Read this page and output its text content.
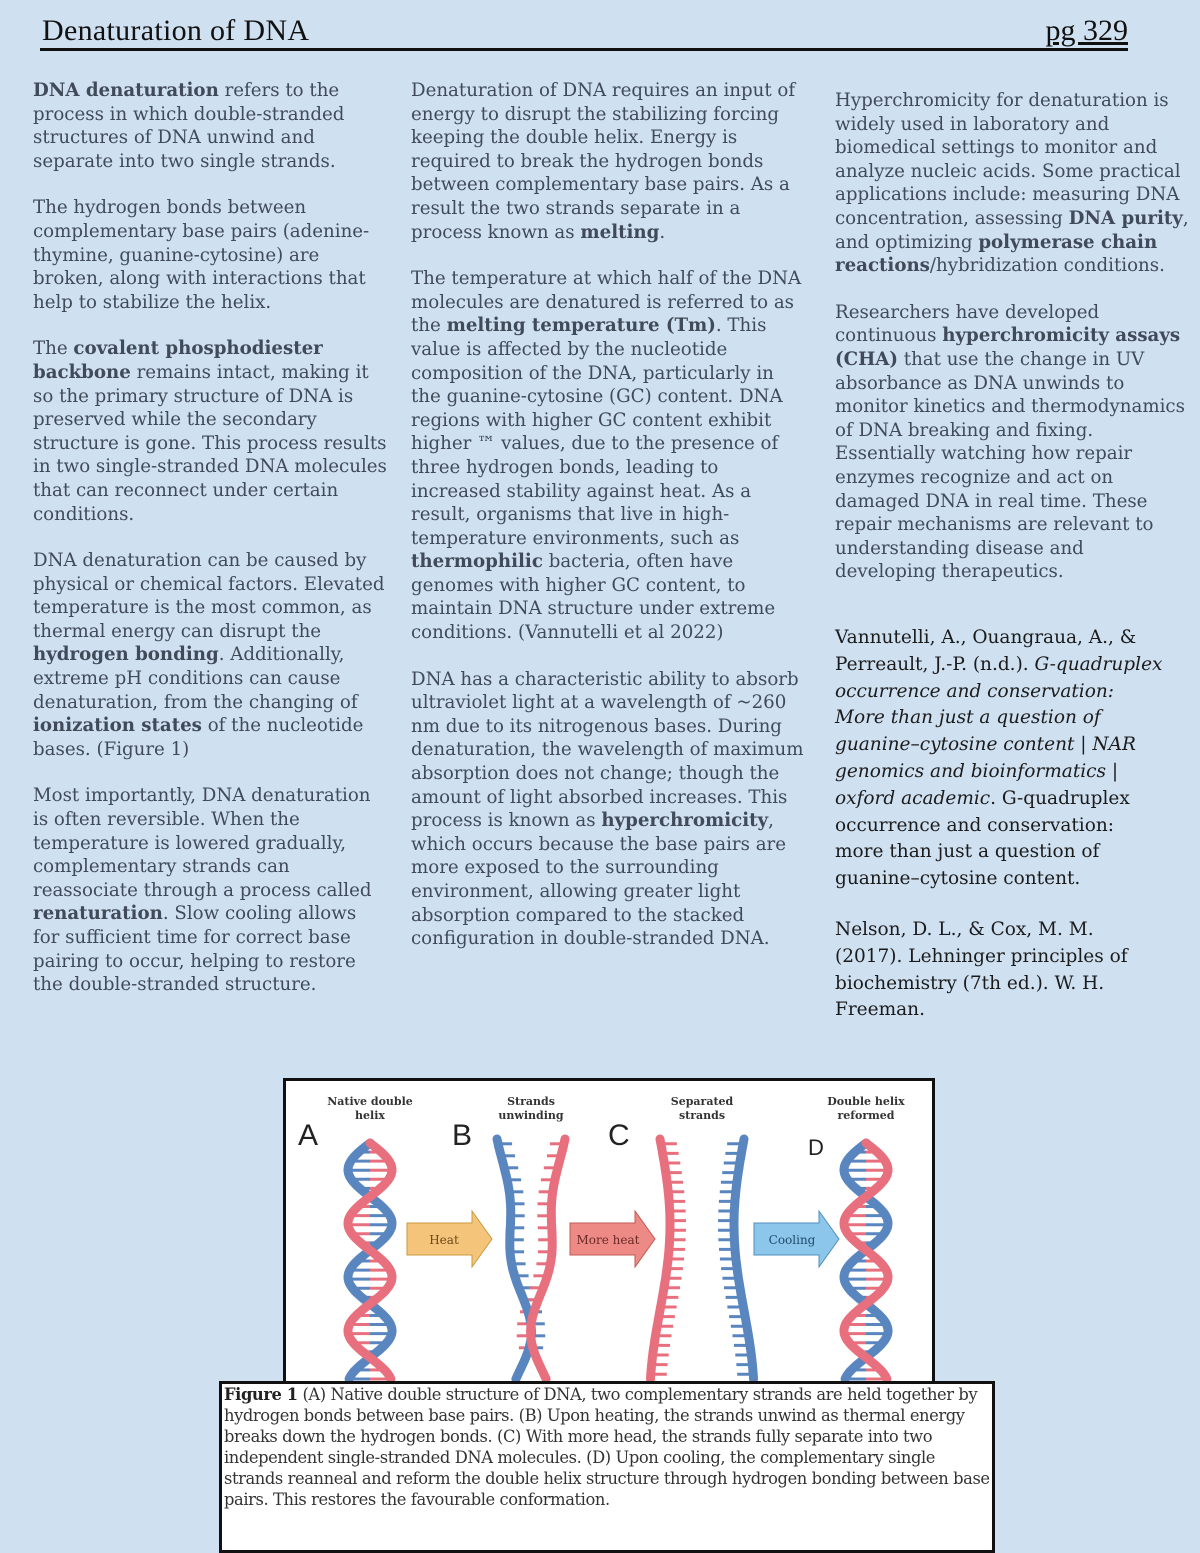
Denaturation of DNA	pg 329

DNA denaturation refers to the process in which double-stranded structures of DNA unwind and separate into two single strands.

The hydrogen bonds between complementary base pairs (adenine-thymine, guanine-cytosine) are broken, along with interactions that help to stabilize the helix.

The covalent phosphodiester backbone remains intact, making it so the primary structure of DNA is preserved while the secondary structure is gone. This process results in two single-stranded DNA molecules that can reconnect under certain conditions.

DNA denaturation can be caused by physical or chemical factors. Elevated temperature is the most common, as thermal energy can disrupt the hydrogen bonding. Additionally, extreme pH conditions can cause denaturation, from the changing of ionization states of the nucleotide bases. (Figure 1)

Most importantly, DNA denaturation is often reversible. When the temperature is lowered gradually, complementary strands can reassociate through a process called renaturation. Slow cooling allows for sufficient time for correct base pairing to occur, helping to restore the double-stranded structure.

Denaturation of DNA requires an input of energy to disrupt the stabilizing forcing keeping the double helix. Energy is required to break the hydrogen bonds between complementary base pairs. As a result the two strands separate in a process known as melting.

The temperature at which half of the DNA molecules are denatured is referred to as the melting temperature (Tm). This value is affected by the nucleotide composition of the DNA, particularly in the guanine-cytosine (GC) content. DNA regions with higher GC content exhibit higher ™ values, due to the presence of three hydrogen bonds, leading to increased stability against heat. As a result, organisms that live in high-temperature environments, such as thermophilic bacteria, often have genomes with higher GC content, to maintain DNA structure under extreme conditions. (Vannutelli et al 2022)

DNA has a characteristic ability to absorb ultraviolet light at a wavelength of ~260 nm due to its nitrogenous bases. During denaturation, the wavelength of maximum absorption does not change; though the amount of light absorbed increases. This process is known as hyperchromicity, which occurs because the base pairs are more exposed to the surrounding environment, allowing greater light absorption compared to the stacked configuration in double-stranded DNA.

Hyperchromicity for denaturation is widely used in laboratory and biomedical settings to monitor and analyze nucleic acids. Some practical applications include: measuring DNA concentration, assessing DNA purity, and optimizing polymerase chain reactions/hybridization conditions.

Researchers have developed continuous hyperchromicity assays (CHA) that use the change in UV absorbance as DNA unwinds to monitor kinetics and thermodynamics of DNA breaking and fixing. Essentially watching how repair enzymes recognize and act on damaged DNA in real time. These repair mechanisms are relevant to understanding disease and developing therapeutics.

Vannutelli, A., Ouangraua, A., & Perreault, J.-P. (n.d.). G-quadruplex occurrence and conservation: More than just a question of guanine–cytosine content | NAR genomics and bioinformatics | oxford academic. G-quadruplex occurrence and conservation: more than just a question of guanine–cytosine content.

Nelson, D. L., & Cox, M. M. (2017). Lehninger principles of biochemistry (7th ed.). W. H. Freeman.

Native double helix
Strands unwinding
Separated strands
Double helix reformed
A	B	C	D
Heat	More heat	Cooling
Figure 1 (A) Native double structure of DNA, two complementary strands are held together by hydrogen bonds between base pairs. (B) Upon heating, the strands unwind as thermal energy breaks down the hydrogen bonds. (C) With more head, the strands fully separate into two independent single-stranded DNA molecules. (D) Upon cooling, the complementary single strands reanneal and reform the double helix structure through hydrogen bonding between base pairs. This restores the favourable conformation.
